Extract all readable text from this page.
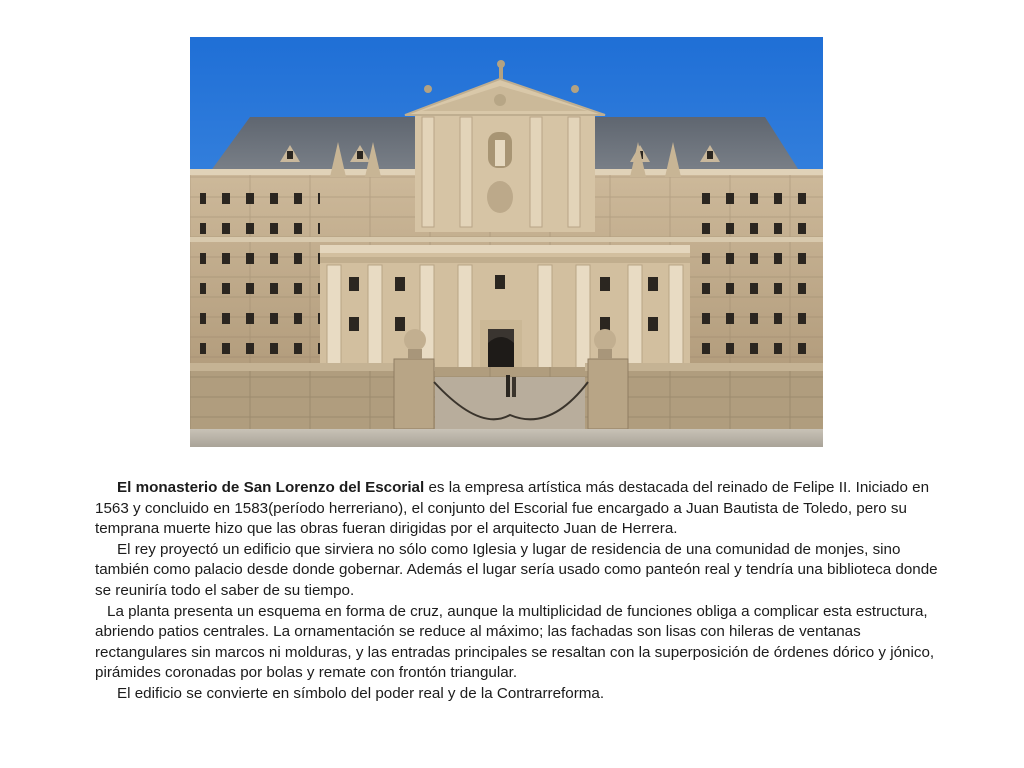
El monasterio de San Lorenzo del Escorial es la empresa artística más destacada del reinado de Felipe II. Iniciado en 1563 y concluido en 1583(período herreriano), el conjunto del Escorial fue encargado a Juan Bautista de Toledo, pero su temprana muerte hizo que las obras fueran dirigidas por el arquitecto Juan de Herrera.

El rey proyectó un edificio que sirviera no sólo como Iglesia y lugar de residencia de una comunidad de monjes, sino también como palacio desde donde gobernar. Además el lugar sería usado como panteón real y tendría una biblioteca donde se reuniría todo el saber de su tiempo.

La planta presenta un esquema en forma de cruz, aunque la multiplicidad de funciones obliga a complicar esta estructura, abriendo patios centrales. La ornamentación se reduce al máximo; las fachadas son lisas con hileras de ventanas rectangulares sin marcos ni molduras, y las entradas principales se resaltan con la superposición de órdenes dórico y jónico, pirámides coronadas por bolas y remate con frontón triangular.

El edificio se convierte en símbolo del poder real y de la Contrarreforma.
